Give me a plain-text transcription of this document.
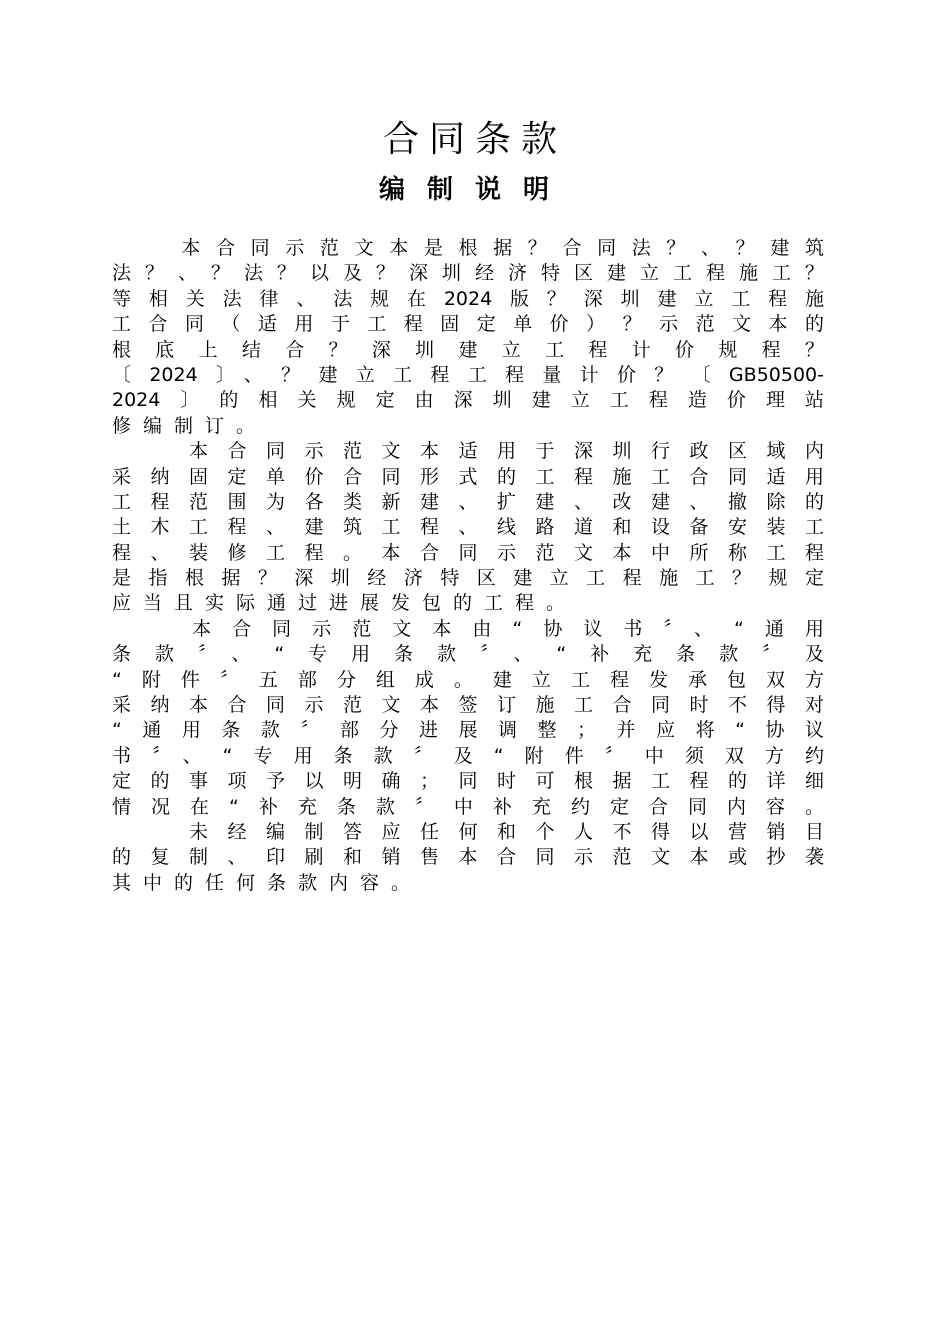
合同条款
编制说明
　　本合同示范文本是根据？合同法？、？建筑
法？、？法？以及？深圳经济特区建立工程施工？
等相关法律、法规在2024版？深圳建立工程施
工合同（适用于工程固定单价）？示范文本的
根底上结合？深圳建立工程计价规程？
〔2024〕、？建立工程工程量计价？〔GB50500-
2024〕的相关规定由深圳建立工程造价理站
修编制订。
　　本合同示范文本适用于深圳行政区域内
采纳固定单价合同形式的工程施工合同适用
工程范围为各类新建、扩建、改建、撤除的
土木工程、建筑工程、线路道和设备安装工
程、装修工程。本合同示范文本中所称工程
是指根据？深圳经济特区建立工程施工？规定
应当且实际通过进展发包的工程。
　　本合同示范文本由“协议书〞、“通用
条款〞、“专用条款〞、“补充条款〞及
“附件〞五部分组成。建立工程发承包双方
采纳本合同示范文本签订施工合同时不得对
“通用条款〞部分进展调整；并应将“协议
书〞、“专用条款〞及“附件〞中须双方约
定的事项予以明确；同时可根据工程的详细
情况在“补充条款〞中补充约定合同内容。
　　未经编制答应任何和个人不得以营销目
的复制、印刷和销售本合同示范文本或抄袭
其中的任何条款内容。
